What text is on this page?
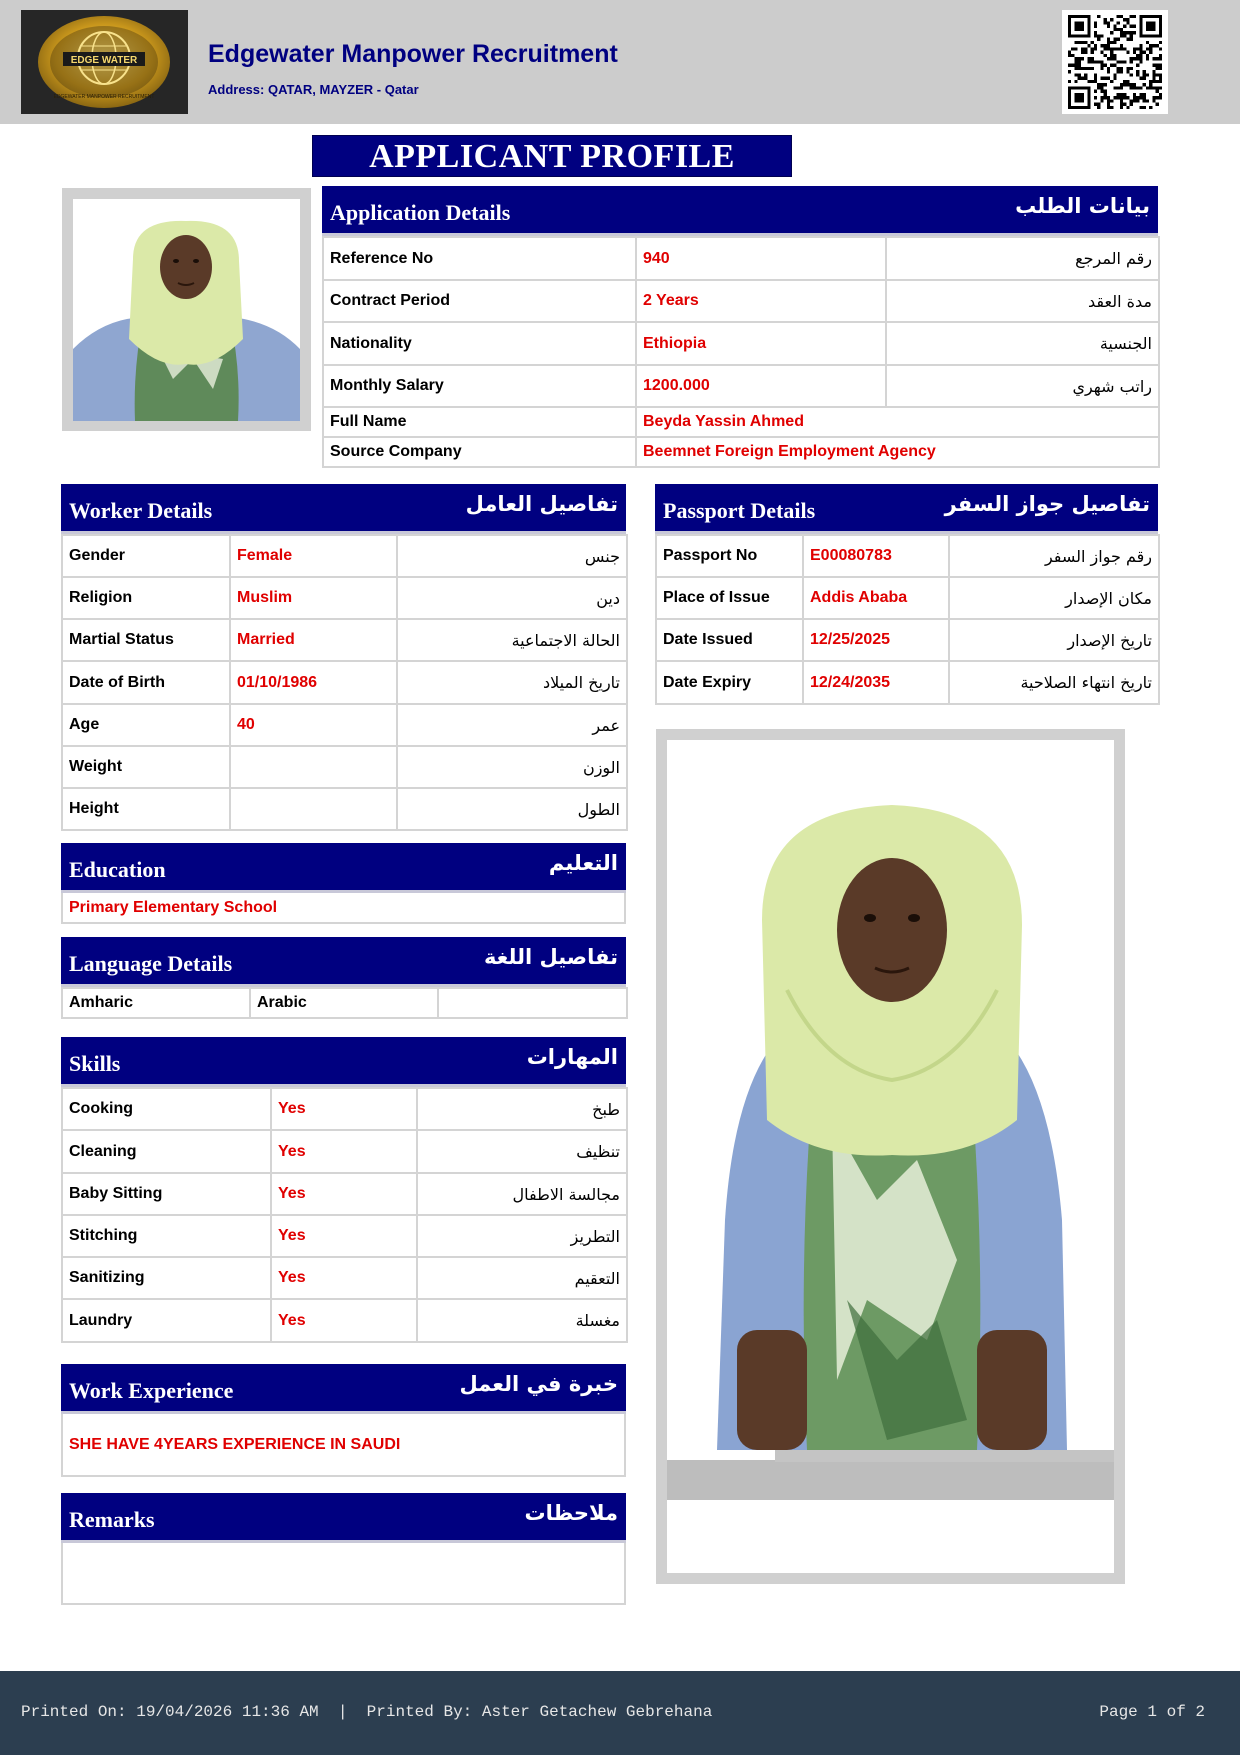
EDGE WATER
EDGEWATER MANPOWER RECRUITMENT
Edgewater Manpower Recruitment
Address: QATAR, MAYZER - Qatar
APPLICANT PROFILE
Application Details	بيانات الطلب
Reference No	940	رقم المرجع
Contract Period	2 Years	مدة العقد
Nationality	Ethiopia	الجنسية
Monthly Salary	1200.000	راتب شهري
Full Name	Beyda Yassin Ahmed	
Source Company	Beemnet Foreign Employment Agency	
Worker Details	تفاصيل العامل
Gender	Female	جنس
Religion	Muslim	دين
Martial Status	Married	الحالة الاجتماعية
Date of Birth	01/10/1986	تاريخ الميلاد
Age	40	عمر
Weight		الوزن
Height		الطول
Passport Details	تفاصيل جواز السفر
Passport No	E00080783	رقم جواز السفر
Place of Issue	Addis Ababa	مكان الإصدار
Date Issued	12/25/2025	تاريخ الإصدار
Date Expiry	12/24/2035	تاريخ انتهاء الصلاحية
Education	التعليم
Primary Elementary School
Language Details	تفاصيل اللغة
Amharic	Arabic	
Skills	المهارات
Cooking	Yes	طبخ
Cleaning	Yes	تنظيف
Baby Sitting	Yes	مجالسة الاطفال
Stitching	Yes	التطريز
Sanitizing	Yes	التعقيم
Laundry	Yes	مغسلة
Work Experience	خبرة في العمل
SHE HAVE 4YEARS EXPERIENCE IN SAUDI
Remarks	ملاحظات
Printed On: 19/04/2026 11:36 AM  |  Printed By: Aster Getachew Gebrehana	Page 1 of 2
